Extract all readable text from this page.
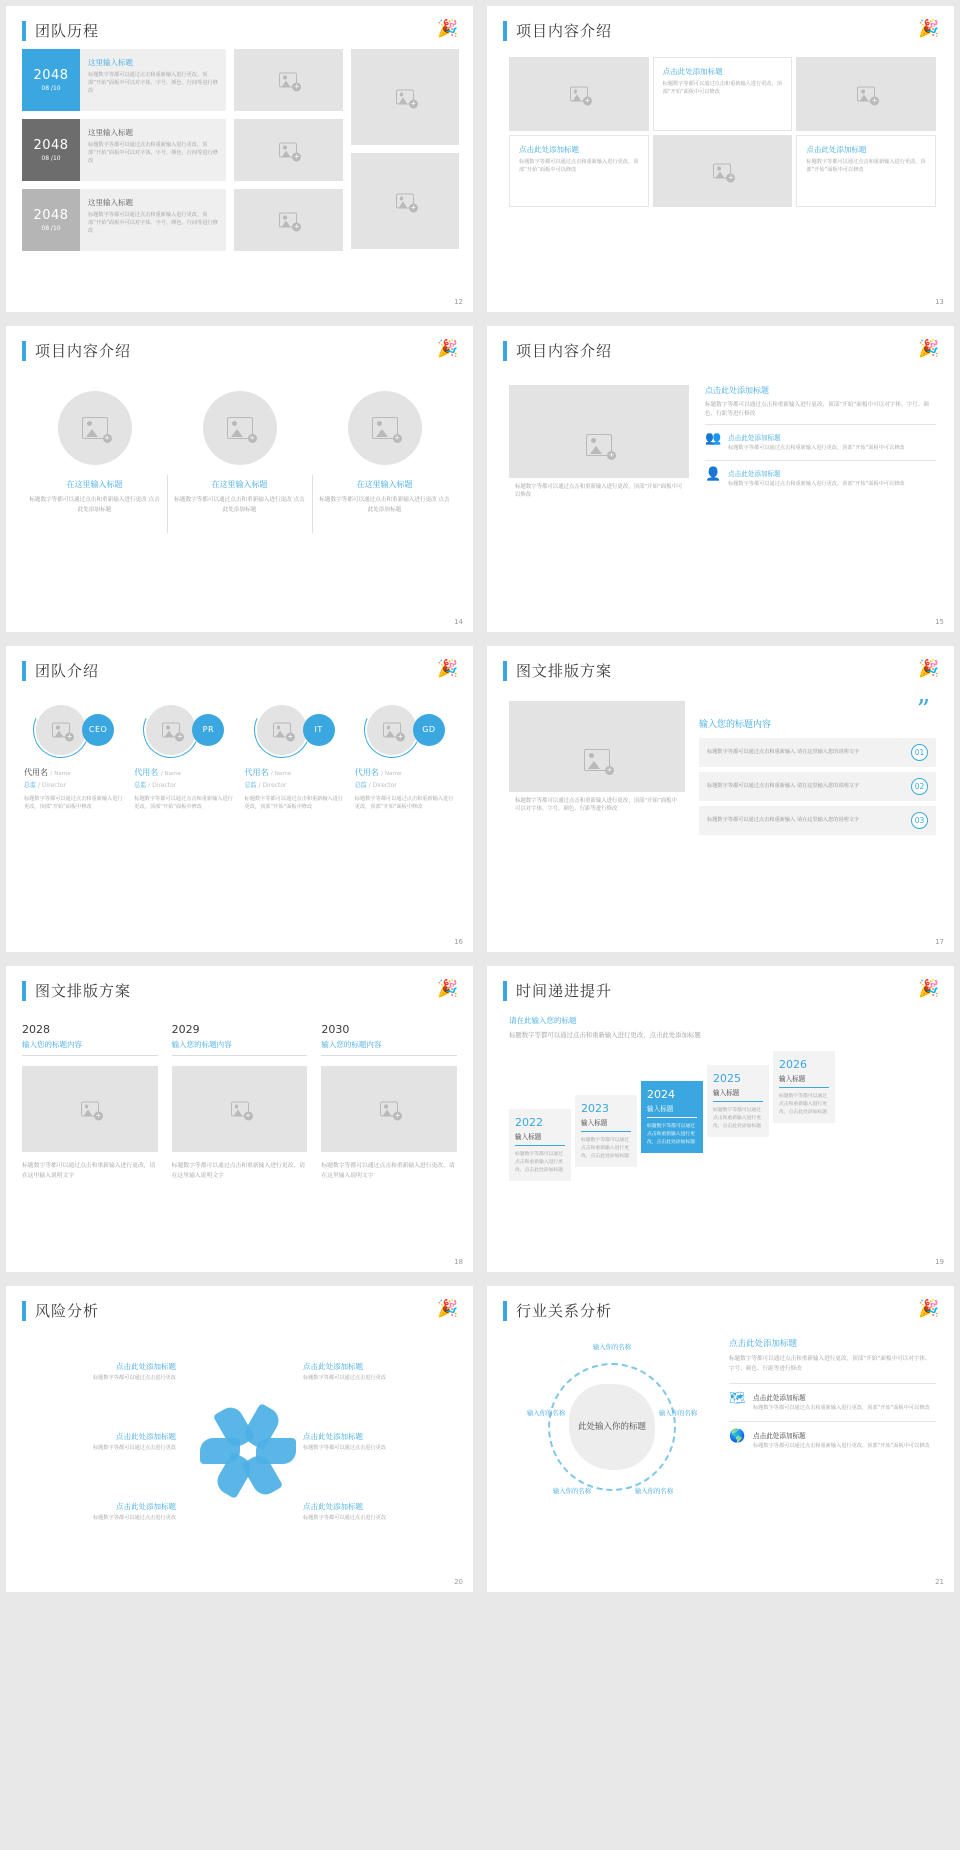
团队历程	🎉
2048
08 /10
这里输入标题

标题数字等都可以通过点击和重新输入进行更改，顶部“开始”面板中可以对字体、字号、颜色、行间等进行修改

2048
08 /10
这里输入标题

标题数字等都可以通过点击和重新输入进行更改，顶部“开始”面板中可以对字体、字号、颜色、行间等进行修改

2048
08 /10
这里输入标题

标题数字等都可以通过点击和重新输入进行更改，顶部“开始”面板中可以对字体、字号、颜色、行间等进行修改

+
+
+
+
+
12
项目内容介绍	🎉
+
点击此处添加标题

标题数字等都可以通过点击和重新输入进行更改，顶部“开始”面板中可以修改

+
点击此处添加标题

标题数字等都可以通过点击和重新输入进行更改，顶部“开始”面板中可以修改

+
点击此处添加标题

标题数字等都可以通过点击和重新输入进行更改，顶部“开始”面板中可以修改

13
项目内容介绍	🎉
+
在这里输入标题

标题数字等都可以通过点击和重新输入进行更改 点击此处添加标题

+
在这里输入标题

标题数字等都可以通过点击和重新输入进行更改 点击此处添加标题

+
在这里输入标题

标题数字等都可以通过点击和重新输入进行更改 点击此处添加标题

14
项目内容介绍	🎉
+
标题数字等都可以通过点击和重新输入进行更改，顶部“开始”面板中可以修改
点击此处添加标题

标题数字等都可以通过点击和重新输入进行更改，顶部“开始”面板中可以对字体、字号、颜色、行距等进行修改

👥 点击此处添加标题

标题数字等都可以通过点击和重新输入进行更改，顶部“开始”面板中可以修改

👤 点击此处添加标题

标题数字等都可以通过点击和重新输入进行更改，顶部“开始”面板中可以修改

15
团队介绍	🎉
+
CEO
代用名 / Name
总监 / Director

标题数字等都可以通过点击和重新输入进行更改，顶部“开始”面板中修改

+
PR
代用名 / Name
总监 / Director

标题数字等都可以通过点击和重新输入进行更改，顶部“开始”面板中修改

+
IT
代用名 / Name
总监 / Director

标题数字等都可以通过点击和重新输入进行更改，顶部“开始”面板中修改

+
GD
代用名 / Name
总监 / Director

标题数字等都可以通过点击和重新输入进行更改，顶部“开始”面板中修改

16
图文排版方案	🎉
+
标题数字等都可以通过点击和重新输入进行更改，顶部“开始”面板中可以对字体、字号、颜色、行距等进行修改
”
输入您的标题内容

标题数字等都可以通过点击和重新输入 请在这里输入您的说明文字	01

标题数字等都可以通过点击和重新输入 请在这里输入您的说明文字	02

标题数字等都可以通过点击和重新输入 请在这里输入您的说明文字	03
17
图文排版方案	🎉
2028
输入您的标题内容
+

标题数字等都可以通过点击和重新输入进行更改，请在这里输入说明文字

2029
输入您的标题内容
+

标题数字等都可以通过点击和重新输入进行更改，请在这里输入说明文字

2030
输入您的标题内容
+

标题数字等都可以通过点击和重新输入进行更改，请在这里输入说明文字

18
时间递进提升	🎉
请在此输入您的标题

标题数字等都可以通过点击和重新输入进行更改，点击此处添加标题

2022
输入标题

标题数字等都可以通过点击和重新输入进行更改，点击此处添加标题

2023
输入标题

标题数字等都可以通过点击和重新输入进行更改，点击此处添加标题

2024
输入标题

标题数字等都可以通过点击和重新输入进行更改，点击此处添加标题

2025
输入标题

标题数字等都可以通过点击和重新输入进行更改，点击此处添加标题

2026
输入标题

标题数字等都可以通过点击和重新输入进行更改，点击此处添加标题

19
风险分析	🎉
点击此处添加标题

标题数字等都可以通过点击进行更改

点击此处添加标题

标题数字等都可以通过点击进行更改

点击此处添加标题

标题数字等都可以通过点击进行更改

点击此处添加标题

标题数字等都可以通过点击进行更改

点击此处添加标题

标题数字等都可以通过点击进行更改

点击此处添加标题

标题数字等都可以通过点击进行更改

20
行业关系分析	🎉
此处输入你的标题
输入你的名称
输入你的名称
输入你的名称
输入你的名称
输入你的名称
点击此处添加标题

标题数字等都可以通过点击和重新输入进行更改，顶部“开始”面板中可以对字体、字号、颜色、行距等进行修改

🗺 点击此处添加标题

标题数字等都可以通过点击和重新输入进行更改，顶部“开始”面板中可以修改

🌎 点击此处添加标题

标题数字等都可以通过点击和重新输入进行更改，顶部“开始”面板中可以修改

21
